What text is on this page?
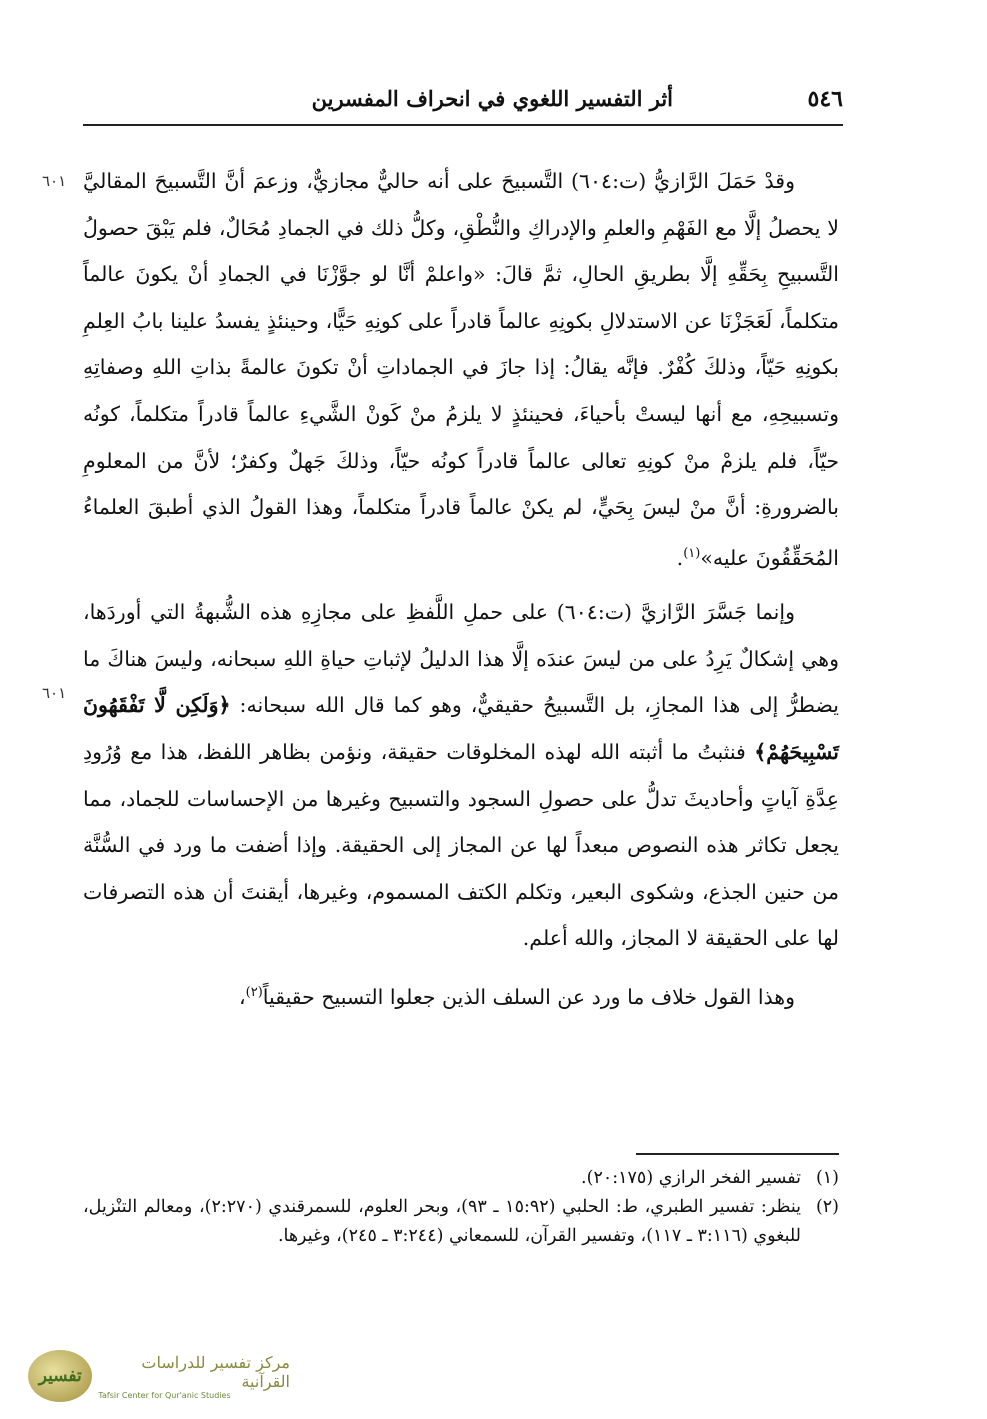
٥٤٦
أثر التفسير اللغوي في انحراف المفسرين
٦٠١
٦٠١

وقدْ حَمَلَ الرَّازيُّ (ت:٦٠٤) التَّسبيحَ على أنه حاليٌّ مجازيٌّ، وزعمَ أنَّ التَّسبيحَ المقاليَّ لا يحصلُ إلَّا مع الفَهْمِ والعلمِ والإدراكِ والنُّطْقِ، وكلُّ ذلك في الجمادِ مُحَالٌ، فلم يَبْقَ حصولُ التَّسبيحِ بِحَقِّهِ إلَّا بطريقِ الحالِ، ثمَّ قالَ: «واعلمْ أنَّا لو جوَّزْنَا في الجمادِ أنْ يكونَ عالماً متكلماً، لَعَجَزْنَا عن الاستدلالِ بكونِهِ عالماً قادراً على كونِهِ حَيًّا، وحينئذٍ يفسدُ علينا بابُ العِلمِ بكونِهِ حَيّاً، وذلكَ كُفْرٌ. فإنَّه يقالُ: إذا جازَ في الجماداتِ أنْ تكونَ عالمةً بذاتِ اللهِ وصفاتِهِ وتسبيحِهِ، مع أنها ليستْ بأحياءَ، فحينئذٍ لا يلزمُ منْ كَونْ الشَّيءِ عالماً قادراً متكلماً، كونُه حيّاً، فلم يلزمْ منْ كونِهِ تعالى عالماً قادراً كونُه حيّاً، وذلكَ جَهلٌ وكفرٌ؛ لأنَّ من المعلومِ بالضرورةِ: أنَّ منْ ليسَ بِحَيٍّ، لم يكنْ عالماً قادراً متكلماً، وهذا القولُ الذي أطبقَ العلماءُ المُحَقِّقُونَ عليه»$^{(١)}$.

وإنما جَسَّرَ الرَّازيَّ (ت:٦٠٤) على حملِ اللَّفظِ على مجازِهِ هذه الشُّبهةُ التي أوردَها، وهي إشكالٌ يَرِدُ على من ليسَ عندَه إلَّا هذا الدليلُ لإثباتِ حياةِ اللهِ سبحانه، وليسَ هناكَ ما يضطرُّ إلى هذا المجازِ، بل التَّسبيحُ حقيقيٌّ، وهو كما قال الله سبحانه: ﴿وَلَكِن لَّا تَفْقَهُونَ تَسْبِيحَهُمْ﴾ فنثبتُ ما أثبته الله لهذه المخلوقات حقيقة، ونؤمن بظاهر اللفظ، هذا مع وُرُودِ عِدَّةِ آياتٍ وأحاديثَ تدلُّ على حصولِ السجود والتسبيح وغيرها من الإحساسات للجماد، مما يجعل تكاثر هذه النصوص مبعداً لها عن المجاز إلى الحقيقة. وإذا أضفت ما ورد في السُّنَّة من حنين الجذع، وشكوى البعير، وتكلم الكتف المسموم، وغيرها، أيقنتَ أن هذه التصرفات لها على الحقيقة لا المجاز، والله أعلم.

وهذا القول خلاف ما ورد عن السلف الذين جعلوا التسبيح حقيقياً$^{(٢)}$،

(١)
تفسير الفخر الرازي (٢٠:١٧٥).
(٢)
ينظر: تفسير الطبري، ط: الحلبي (١٥:٩٢ ـ ٩٣)، وبحر العلوم، للسمرقندي (٢:٢٧٠)، ومعالم التنْزيل، للبغوي (٣:١١٦ ـ ١١٧)، وتفسير القرآن، للسمعاني (٣:٢٤٤ ـ ٢٤٥)، وغيرها.
تفسير
مركز تفسير للدراسات القرآنية
Tafsir Center for Qur'anic Studies
